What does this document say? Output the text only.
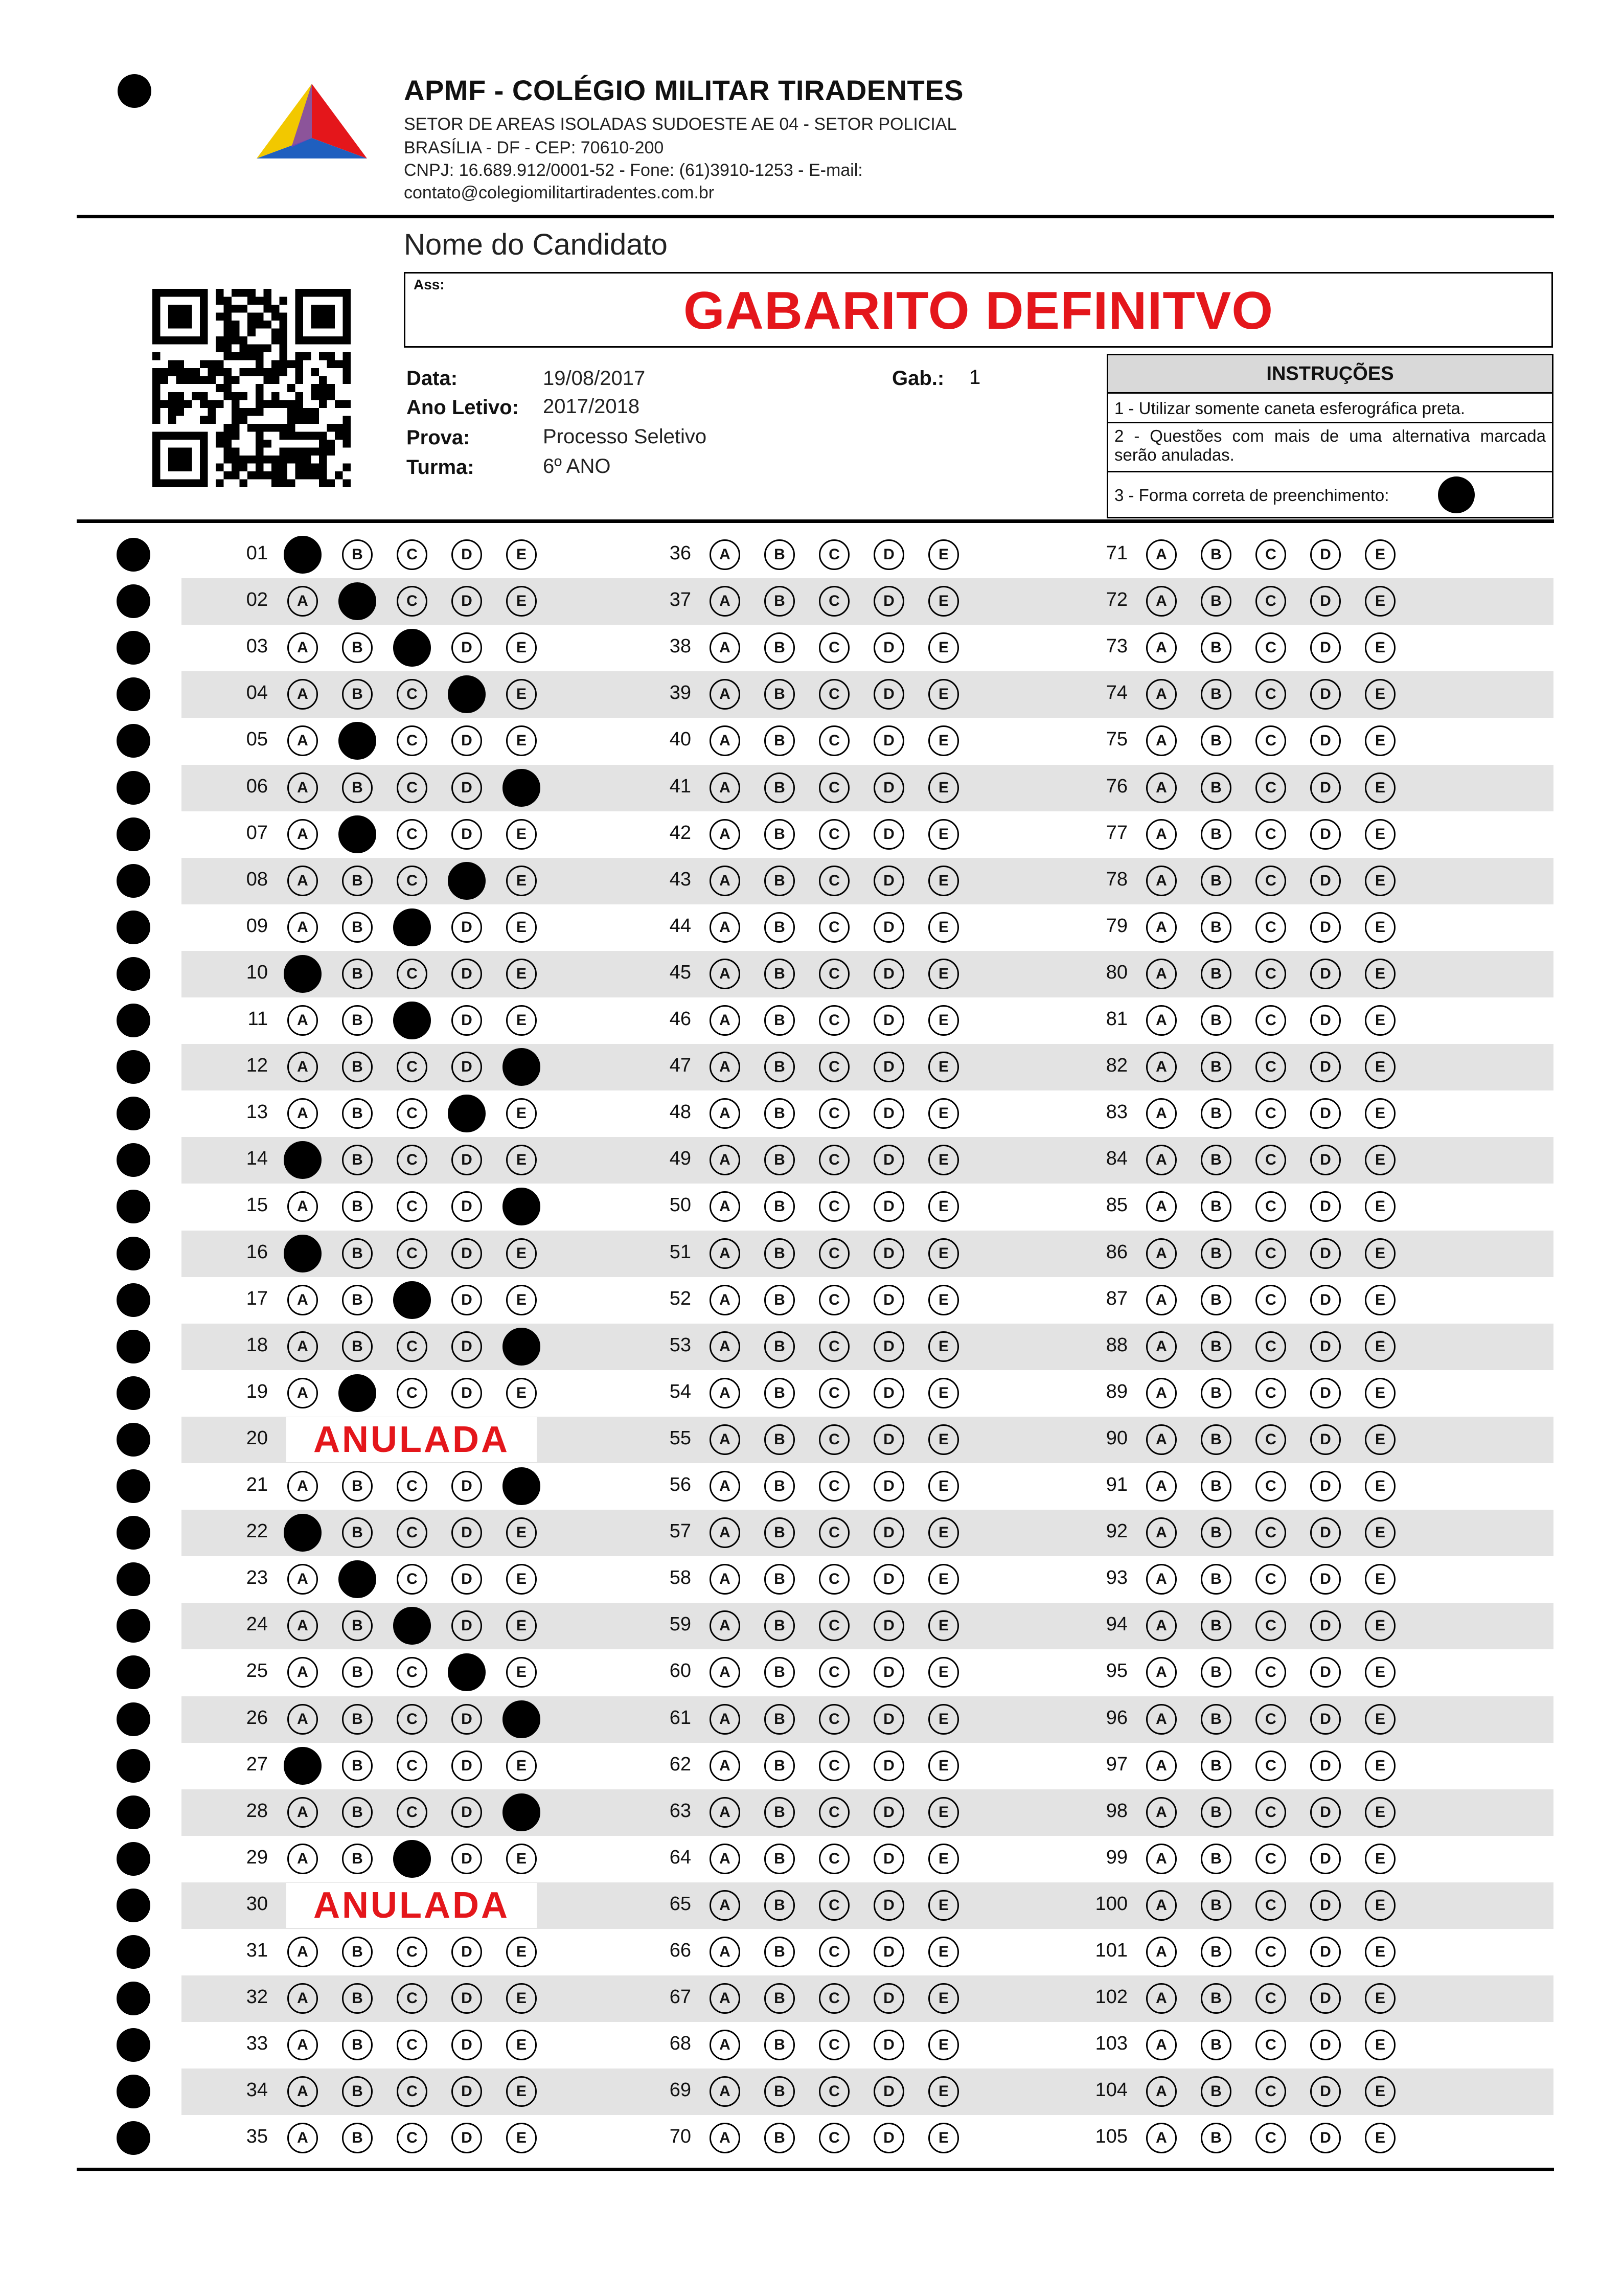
APMF - COLÉGIO MILITAR TIRADENTES
SETOR DE AREAS ISOLADAS SUDOESTE AE 04 - SETOR POLICIAL
BRASÍLIA - DF - CEP: 70610-200
CNPJ: 16.689.912/0001-52 - Fone: (61)3910-1253 - E-mail:
contato@colegiomilitartiradentes.com.br
Nome do Candidato
Ass:	GABARITO DEFINITVO
Data:	19/08/2017
Ano Letivo: 2017/2018
Prova:	Processo Seletivo
Turma:	6º ANO
Gab.: 1	INSTRUÇÕES
1 - Utilizar somente caneta esferográfica preta.
2 - Questões com mais de uma alternativa marcada serão anuladas.
3 - Forma correta de preenchimento:
01	A	B	C	D	E
02	A	B	C	D	E
03	A	B	C	D	E
04	A	B	C	D	E
05	A	B	C	D	E
06	A	B	C	D	E
07	A	B	C	D	E
08	A	B	C	D	E
09	A	B	C	D	E
10	A	B	C	D	E
11	A	B	C	D	E
12	A	B	C	D	E
13	A	B	C	D	E
14	A	B	C	D	E
15	A	B	C	D	E
16	A	B	C	D	E
17	A	B	C	D	E
18	A	B	C	D	E
19	A	B	C	D	E
20	ANULADA
21	A	B	C	D	E
22	A	B	C	D	E
23	A	B	C	D	E
24	A	B	C	D	E
25	A	B	C	D	E
26	A	B	C	D	E
27	A	B	C	D	E
28	A	B	C	D	E
29	A	B	C	D	E
30	ANULADA
31	A	B	C	D	E
32	A	B	C	D	E
33	A	B	C	D	E
34	A	B	C	D	E
35	A	B	C	D	E
36	A	B	C	D	E
37	A	B	C	D	E
38	A	B	C	D	E
39	A	B	C	D	E
40	A	B	C	D	E
41	A	B	C	D	E
42	A	B	C	D	E
43	A	B	C	D	E
44	A	B	C	D	E
45	A	B	C	D	E
46	A	B	C	D	E
47	A	B	C	D	E
48	A	B	C	D	E
49	A	B	C	D	E
50	A	B	C	D	E
51	A	B	C	D	E
52	A	B	C	D	E
53	A	B	C	D	E
54	A	B	C	D	E
55	A	B	C	D	E
56	A	B	C	D	E
57	A	B	C	D	E
58	A	B	C	D	E
59	A	B	C	D	E
60	A	B	C	D	E
61	A	B	C	D	E
62	A	B	C	D	E
63	A	B	C	D	E
64	A	B	C	D	E
65	A	B	C	D	E
66	A	B	C	D	E
67	A	B	C	D	E
68	A	B	C	D	E
69	A	B	C	D	E
70	A	B	C	D	E
71	A	B	C	D	E
72	A	B	C	D	E
73	A	B	C	D	E
74	A	B	C	D	E
75	A	B	C	D	E
76	A	B	C	D	E
77	A	B	C	D	E
78	A	B	C	D	E
79	A	B	C	D	E
80	A	B	C	D	E
81	A	B	C	D	E
82	A	B	C	D	E
83	A	B	C	D	E
84	A	B	C	D	E
85	A	B	C	D	E
86	A	B	C	D	E
87	A	B	C	D	E
88	A	B	C	D	E
89	A	B	C	D	E
90	A	B	C	D	E
91	A	B	C	D	E
92	A	B	C	D	E
93	A	B	C	D	E
94	A	B	C	D	E
95	A	B	C	D	E
96	A	B	C	D	E
97	A	B	C	D	E
98	A	B	C	D	E
99	A	B	C	D	E
100	A	B	C	D	E
101	A	B	C	D	E
102	A	B	C	D	E
103	A	B	C	D	E
104	A	B	C	D	E
105	A	B	C	D	E
